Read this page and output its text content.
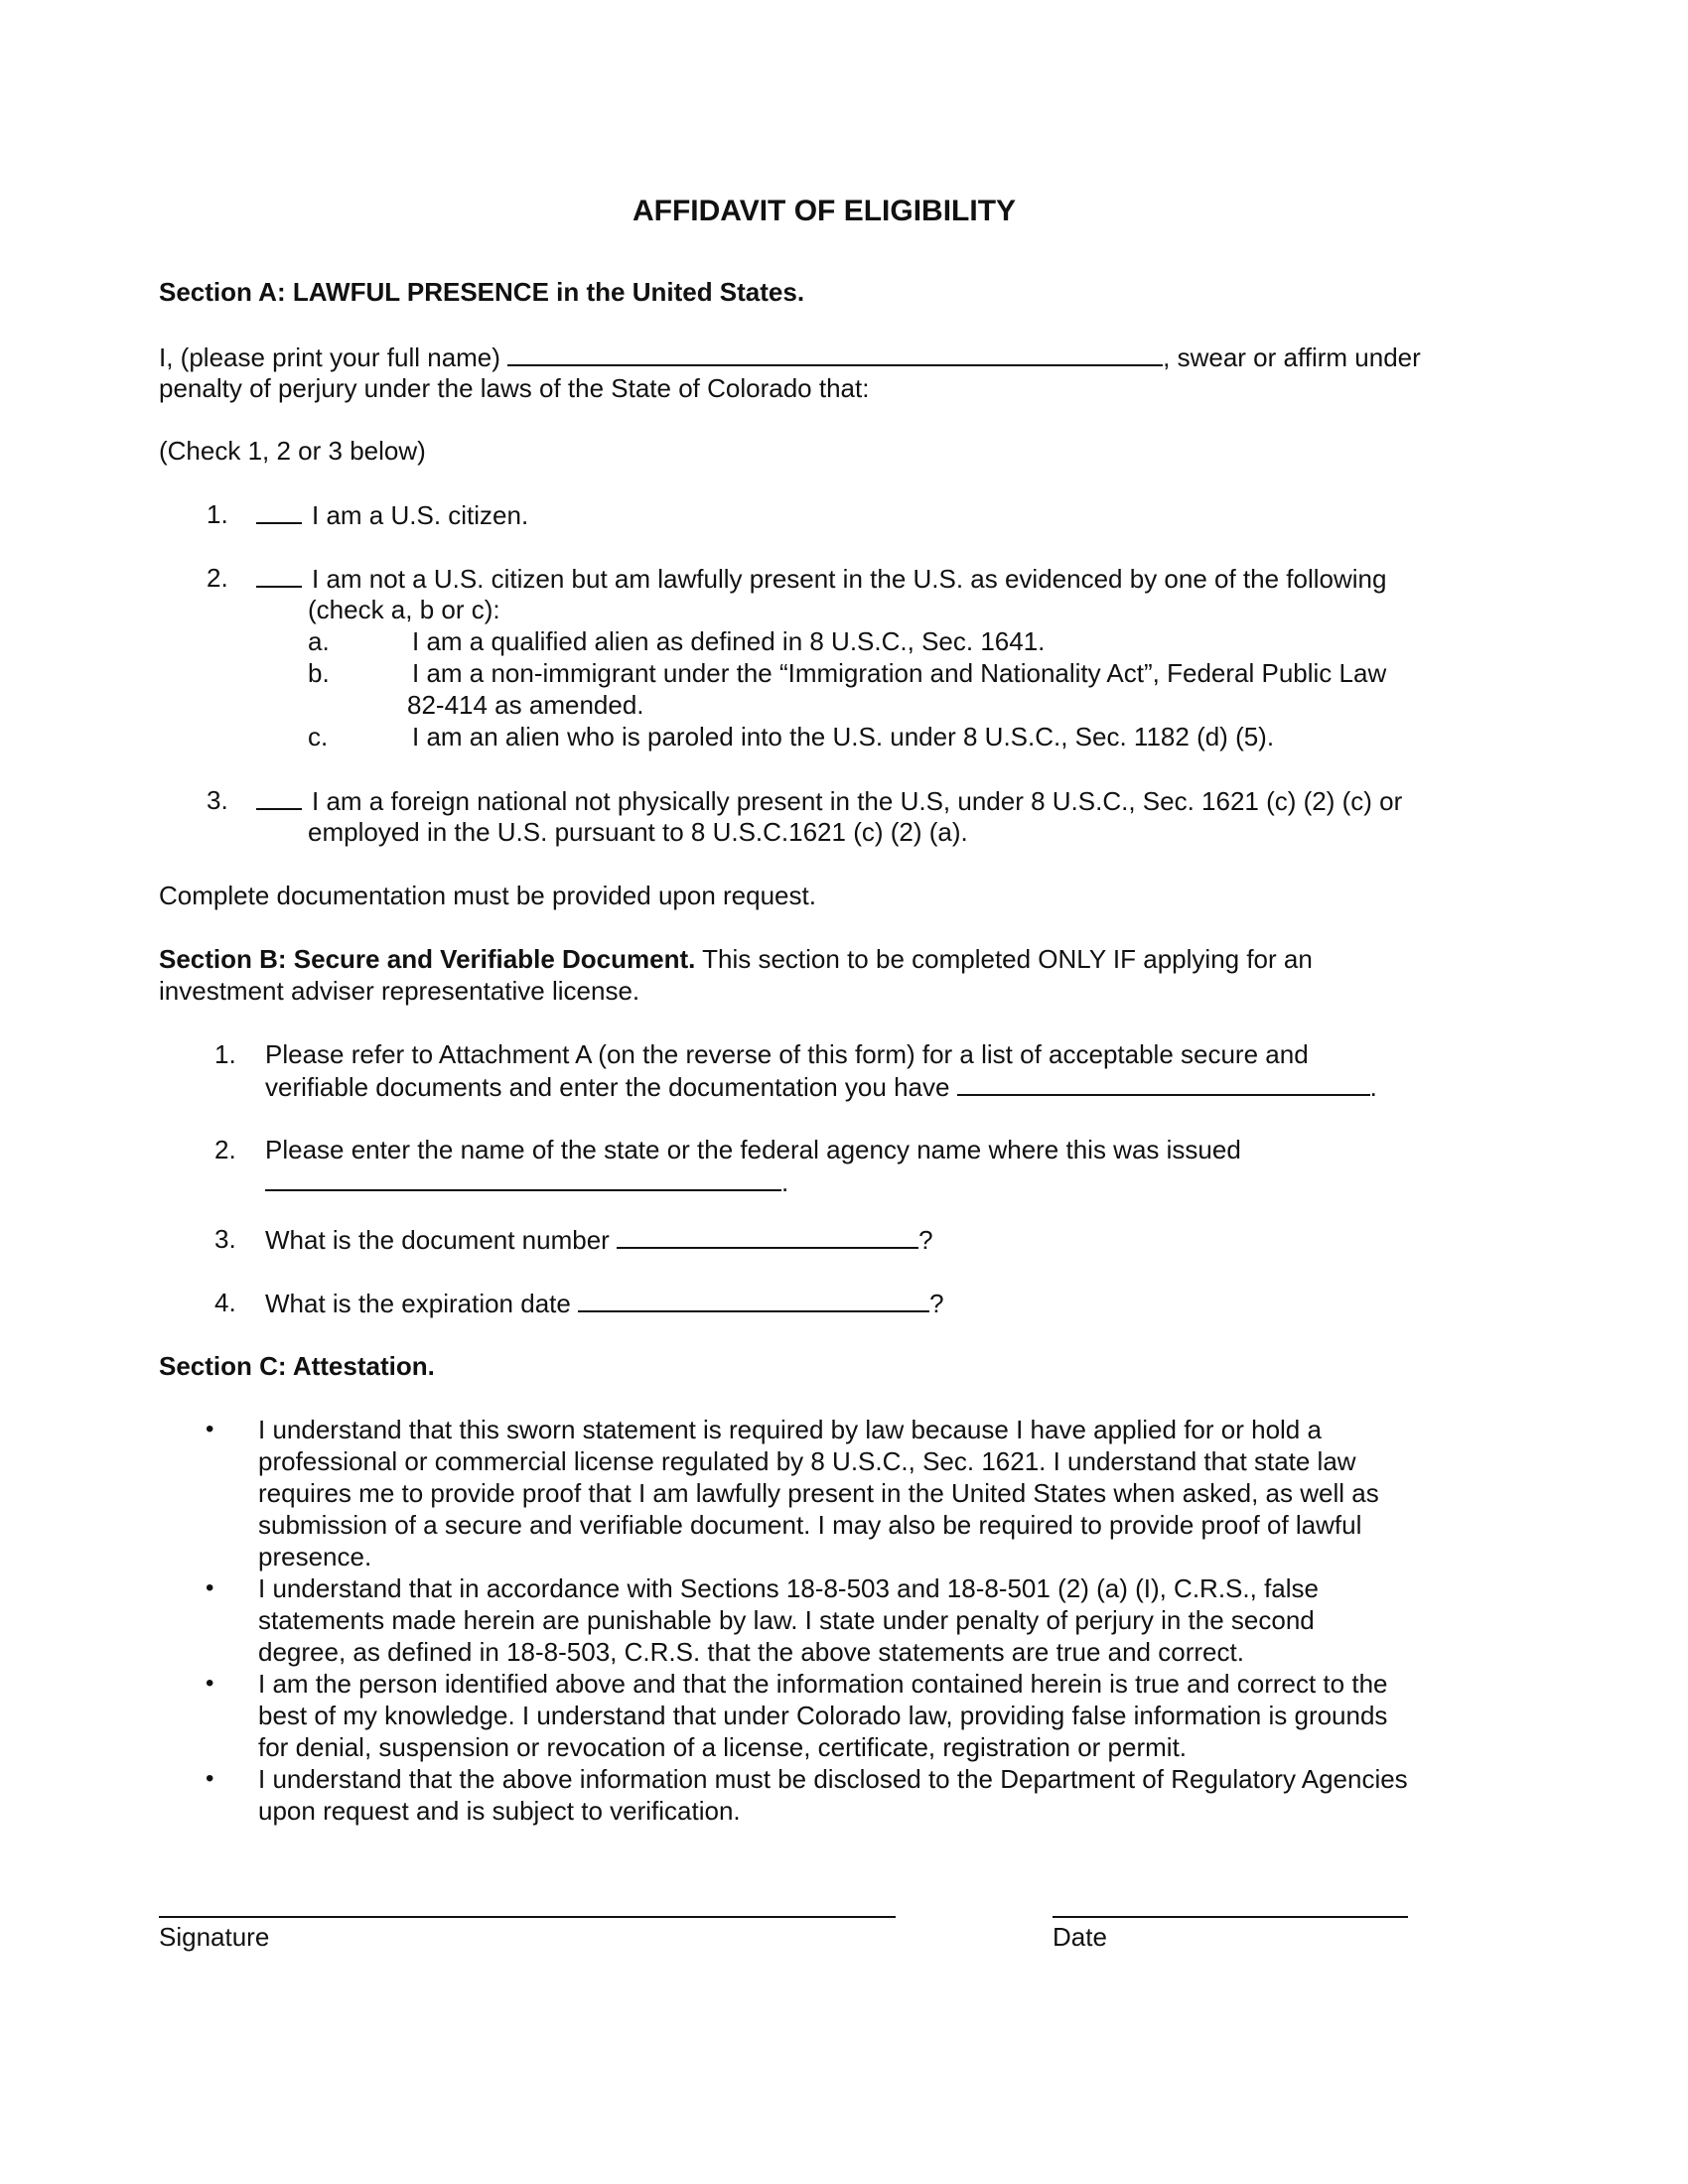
AFFIDAVIT OF ELIGIBILITY
Section A: LAWFUL PRESENCE in the United States.
I, (please print your full name)	, swear or affirm under
penalty of perjury under the laws of the State of Colorado that:
(Check 1, 2 or 3 below)
1.	I am a U.S. citizen.
2.	I am not a U.S. citizen but am lawfully present in the U.S. as evidenced by one of the following
(check a, b or c):
a.	I am a qualified alien as defined in 8 U.S.C., Sec. 1641.
b.	I am a non-immigrant under the “Immigration and Nationality Act”, Federal Public Law
82-414 as amended.
c.	I am an alien who is paroled into the U.S. under 8 U.S.C., Sec. 1182 (d) (5).
3.	I am a foreign national not physically present in the U.S, under 8 U.S.C., Sec. 1621 (c) (2) (c) or
employed in the U.S. pursuant to 8 U.S.C.1621 (c) (2) (a).
Complete documentation must be provided upon request.
Section B: Secure and Verifiable Document. This section to be completed ONLY IF applying for an
investment adviser representative license.
1. Please refer to Attachment A (on the reverse of this form) for a list of acceptable secure and
verifiable documents and enter the documentation you have	.
2. Please enter the name of the state or the federal agency name where this was issued
.
3. What is the document number	?
4. What is the expiration date	?
Section C: Attestation.
• I understand that this sworn statement is required by law because I have applied for or hold a
professional or commercial license regulated by 8 U.S.C., Sec. 1621. I understand that state law
requires me to provide proof that I am lawfully present in the United States when asked, as well as
submission of a secure and verifiable document. I may also be required to provide proof of lawful
presence.
• I understand that in accordance with Sections 18-8-503 and 18-8-501 (2) (a) (I), C.R.S., false
statements made herein are punishable by law. I state under penalty of perjury in the second
degree, as defined in 18-8-503, C.R.S. that the above statements are true and correct.
• I am the person identified above and that the information contained herein is true and correct to the
best of my knowledge. I understand that under Colorado law, providing false information is grounds
for denial, suspension or revocation of a license, certificate, registration or permit.
• I understand that the above information must be disclosed to the Department of Regulatory Agencies
upon request and is subject to verification.
Signature	Date
